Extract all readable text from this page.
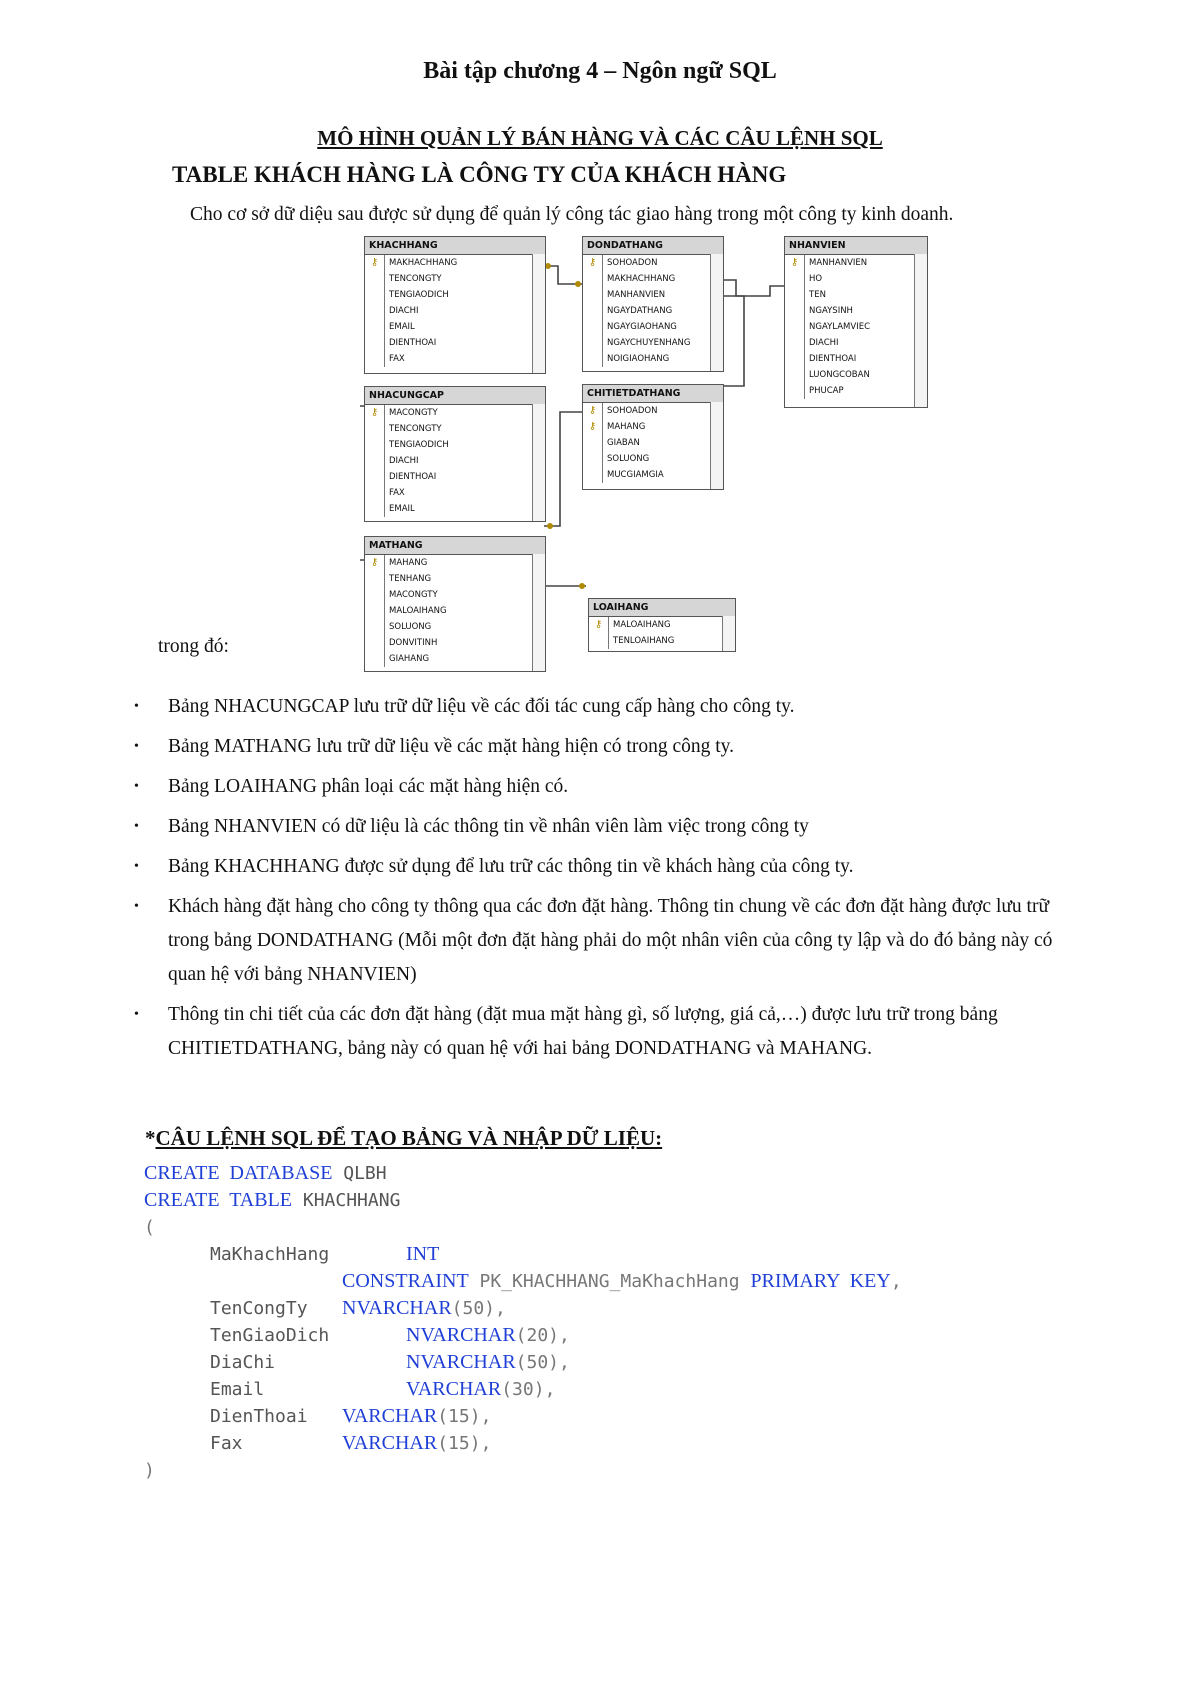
Bài tập chương 4 – Ngôn ngữ SQL
MÔ HÌNH QUẢN LÝ BÁN HÀNG VÀ CÁC CÂU LỆNH SQL
TABLE KHÁCH HÀNG LÀ CÔNG TY CỦA KHÁCH HÀNG
Cho cơ sở dữ diệu sau được sử dụng để quản lý công tác giao hàng trong một công ty kinh doanh.
KHACHHANG
⚷	MAKHACHHANG
TENCONGTY
TENGIAODICH
DIACHI
EMAIL
DIENTHOAI
FAX
DONDATHANG
⚷	SOHOADON
MAKHACHHANG
MANHANVIEN
NGAYDATHANG
NGAYGIAOHANG
NGAYCHUYENHANG
NOIGIAOHANG
NHANVIEN
⚷	MANHANVIEN
HO
TEN
NGAYSINH
NGAYLAMVIEC
DIACHI
DIENTHOAI
LUONGCOBAN
PHUCAP
NHACUNGCAP
⚷	MACONGTY
TENCONGTY
TENGIAODICH
DIACHI
DIENTHOAI
FAX
EMAIL
CHITIETDATHANG
⚷	SOHOADON
⚷	MAHANG
GIABAN
SOLUONG
MUCGIAMGIA
MATHANG
⚷	MAHANG
TENHANG
MACONGTY
MALOAIHANG
SOLUONG
DONVITINH
GIAHANG
LOAIHANG
⚷	MALOAIHANG
TENLOAIHANG
trong đó:
• Bảng NHACUNGCAP lưu trữ dữ liệu về các đối tác cung cấp hàng cho công ty.
• Bảng MATHANG lưu trữ dữ liệu về các mặt hàng hiện có trong công ty.
• Bảng LOAIHANG phân loại các mặt hàng hiện có.
• Bảng NHANVIEN có dữ liệu là các thông tin về nhân viên làm việc trong công ty
• Bảng KHACHHANG được sử dụng để lưu trữ các thông tin về khách hàng của công ty.
• Khách hàng đặt hàng cho công ty thông qua các đơn đặt hàng. Thông tin chung về các đơn đặt hàng được lưu trữ trong bảng DONDATHANG (Mỗi một đơn đặt hàng phải do một nhân viên của công ty lập và do đó bảng này có quan hệ với bảng NHANVIEN)
• Thông tin chi tiết của các đơn đặt hàng (đặt mua mặt hàng gì, số lượng, giá cả,…) được lưu trữ trong bảng CHITIETDATHANG, bảng này có quan hệ với hai bảng DONDATHANG và MAHANG.
*CÂU LỆNH SQL ĐỂ TẠO BẢNG VÀ NHẬP DỮ LIỆU:
CREATE  DATABASE QLBH
CREATE  TABLE KHACHHANG
(
MaKhachHang	INT
CONSTRAINT PK_KHACHHANG_MaKhachHang PRIMARY  KEY,
TenCongTy NVARCHAR(50),
TenGiaoDich	NVARCHAR(20),
DiaChi	NVARCHAR(50),
Email	VARCHAR(30),
DienThoai VARCHAR(15),
Fax	VARCHAR(15),
)
